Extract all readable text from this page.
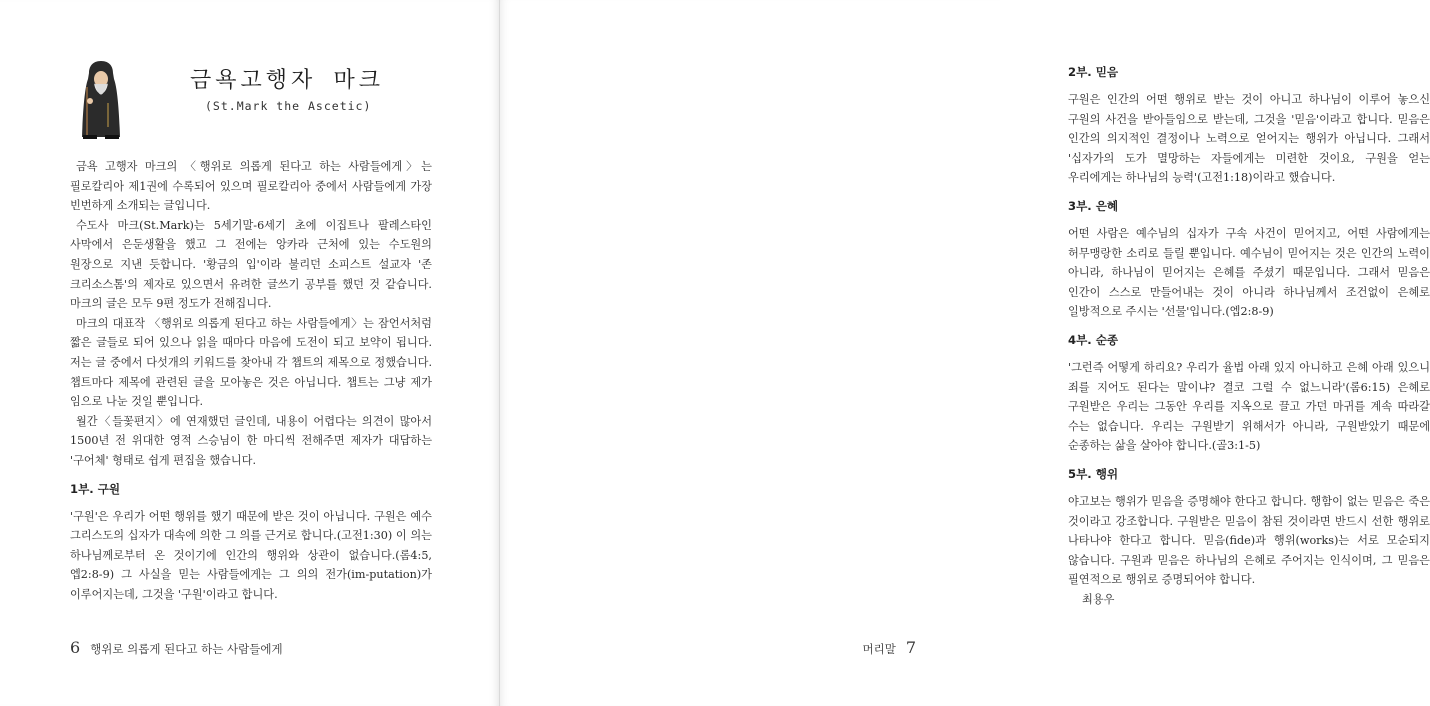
금욕고행자 마크
(St.Mark the Ascetic)

금욕 고행자 마크의 〈행위로 의롭게 된다고 하는 사람들에게〉는 필로칼리아 제1권에 수록되어 있으며 필로칼리아 중에서 사람들에게 가장 빈번하게 소개되는 글입니다.

수도사 마크(St.Mark)는 5세기말-6세기 초에 이집트나 팔레스타인 사막에서 은둔생활을 했고 그 전에는 앙카라 근처에 있는 수도원의 원장으로 지낸 듯합니다. '황금의 입'이라 불리던 소피스트 설교자 '존 크리소스톰'의 제자로 있으면서 유려한 글쓰기 공부를 했던 것 같습니다. 마크의 글은 모두 9편 정도가 전해집니다.

마크의 대표작 〈행위로 의롭게 된다고 하는 사람들에게〉는 잠언서처럼 짧은 글들로 되어 있으나 읽을 때마다 마음에 도전이 되고 보약이 됩니다. 저는 글 중에서 다섯개의 키워드를 찾아내 각 챕트의 제목으로 정했습니다. 챕트마다 제목에 관련된 글을 모아놓은 것은 아닙니다. 챕트는 그냥 제가 임으로 나눈 것일 뿐입니다.

월간〈들꽃편지〉에 연재했던 글인데, 내용이 어렵다는 의견이 많아서 1500년 전 위대한 영적 스승님이 한 마디씩 전해주면 제자가 대답하는 '구어체' 형태로 쉽게 편집을 했습니다.

1부. 구원

'구원'은 우리가 어떤 행위를 했기 때문에 받은 것이 아닙니다. 구원은 예수 그리스도의 십자가 대속에 의한 그 의를 근거로 합니다.(고전1:30) 이 의는 하나님께로부터 온 것이기에 인간의 행위와 상관이 없습니다.(롬4:5,엡2:8-9) 그 사실을 믿는 사람들에게는 그 의의 전가(im-putation)가 이루어지는데, 그것을 '구원'이라고 합니다.

6 행위로 의롭게 된다고 하는 사람들에게
2부. 믿음

구원은 인간의 어떤 행위로 받는 것이 아니고 하나님이 이루어 놓으신 구원의 사건을 받아들임으로 받는데, 그것을 '믿음'이라고 합니다. 믿음은 인간의 의지적인 결정이나 노력으로 얻어지는 행위가 아닙니다. 그래서 '십자가의 도가 멸망하는 자들에게는 미련한 것이요, 구원을 얻는 우리에게는 하나님의 능력'(고전1:18)이라고 했습니다.

3부. 은혜

어떤 사람은 예수님의 십자가 구속 사건이 믿어지고, 어떤 사람에게는 허무맹랑한 소리로 들릴 뿐입니다. 예수님이 믿어지는 것은 인간의 노력이 아니라, 하나님이 믿어지는 은혜를 주셨기 때문입니다. 그래서 믿음은 인간이 스스로 만들어내는 것이 아니라 하나님께서 조건없이 은혜로 일방적으로 주시는 '선물'입니다.(엡2:8-9)

4부. 순종

'그런즉 어떻게 하리요? 우리가 율법 아래 있지 아니하고 은혜 아래 있으니 죄를 지어도 된다는 말이냐? 결코 그럴 수 없느니라'(롬6:15) 은혜로 구원받은 우리는 그동안 우리를 지옥으로 끌고 가던 마귀를 계속 따라갈 수는 없습니다. 우리는 구원받기 위해서가 아니라, 구원받았기 때문에 순종하는 삶을 살아야 합니다.(골3:1-5)

5부. 행위

야고보는 행위가 믿음을 증명해야 한다고 합니다. 행함이 없는 믿음은 죽은 것이라고 강조합니다. 구원받은 믿음이 참된 것이라면 반드시 선한 행위로 나타나야 한다고 합니다. 믿음(fide)과 행위(works)는 서로 모순되지 않습니다. 구원과 믿음은 하나님의 은혜로 주어지는 인식이며, 그 믿음은 필연적으로 행위로 증명되어야 합니다.

최용우

머리말 7
